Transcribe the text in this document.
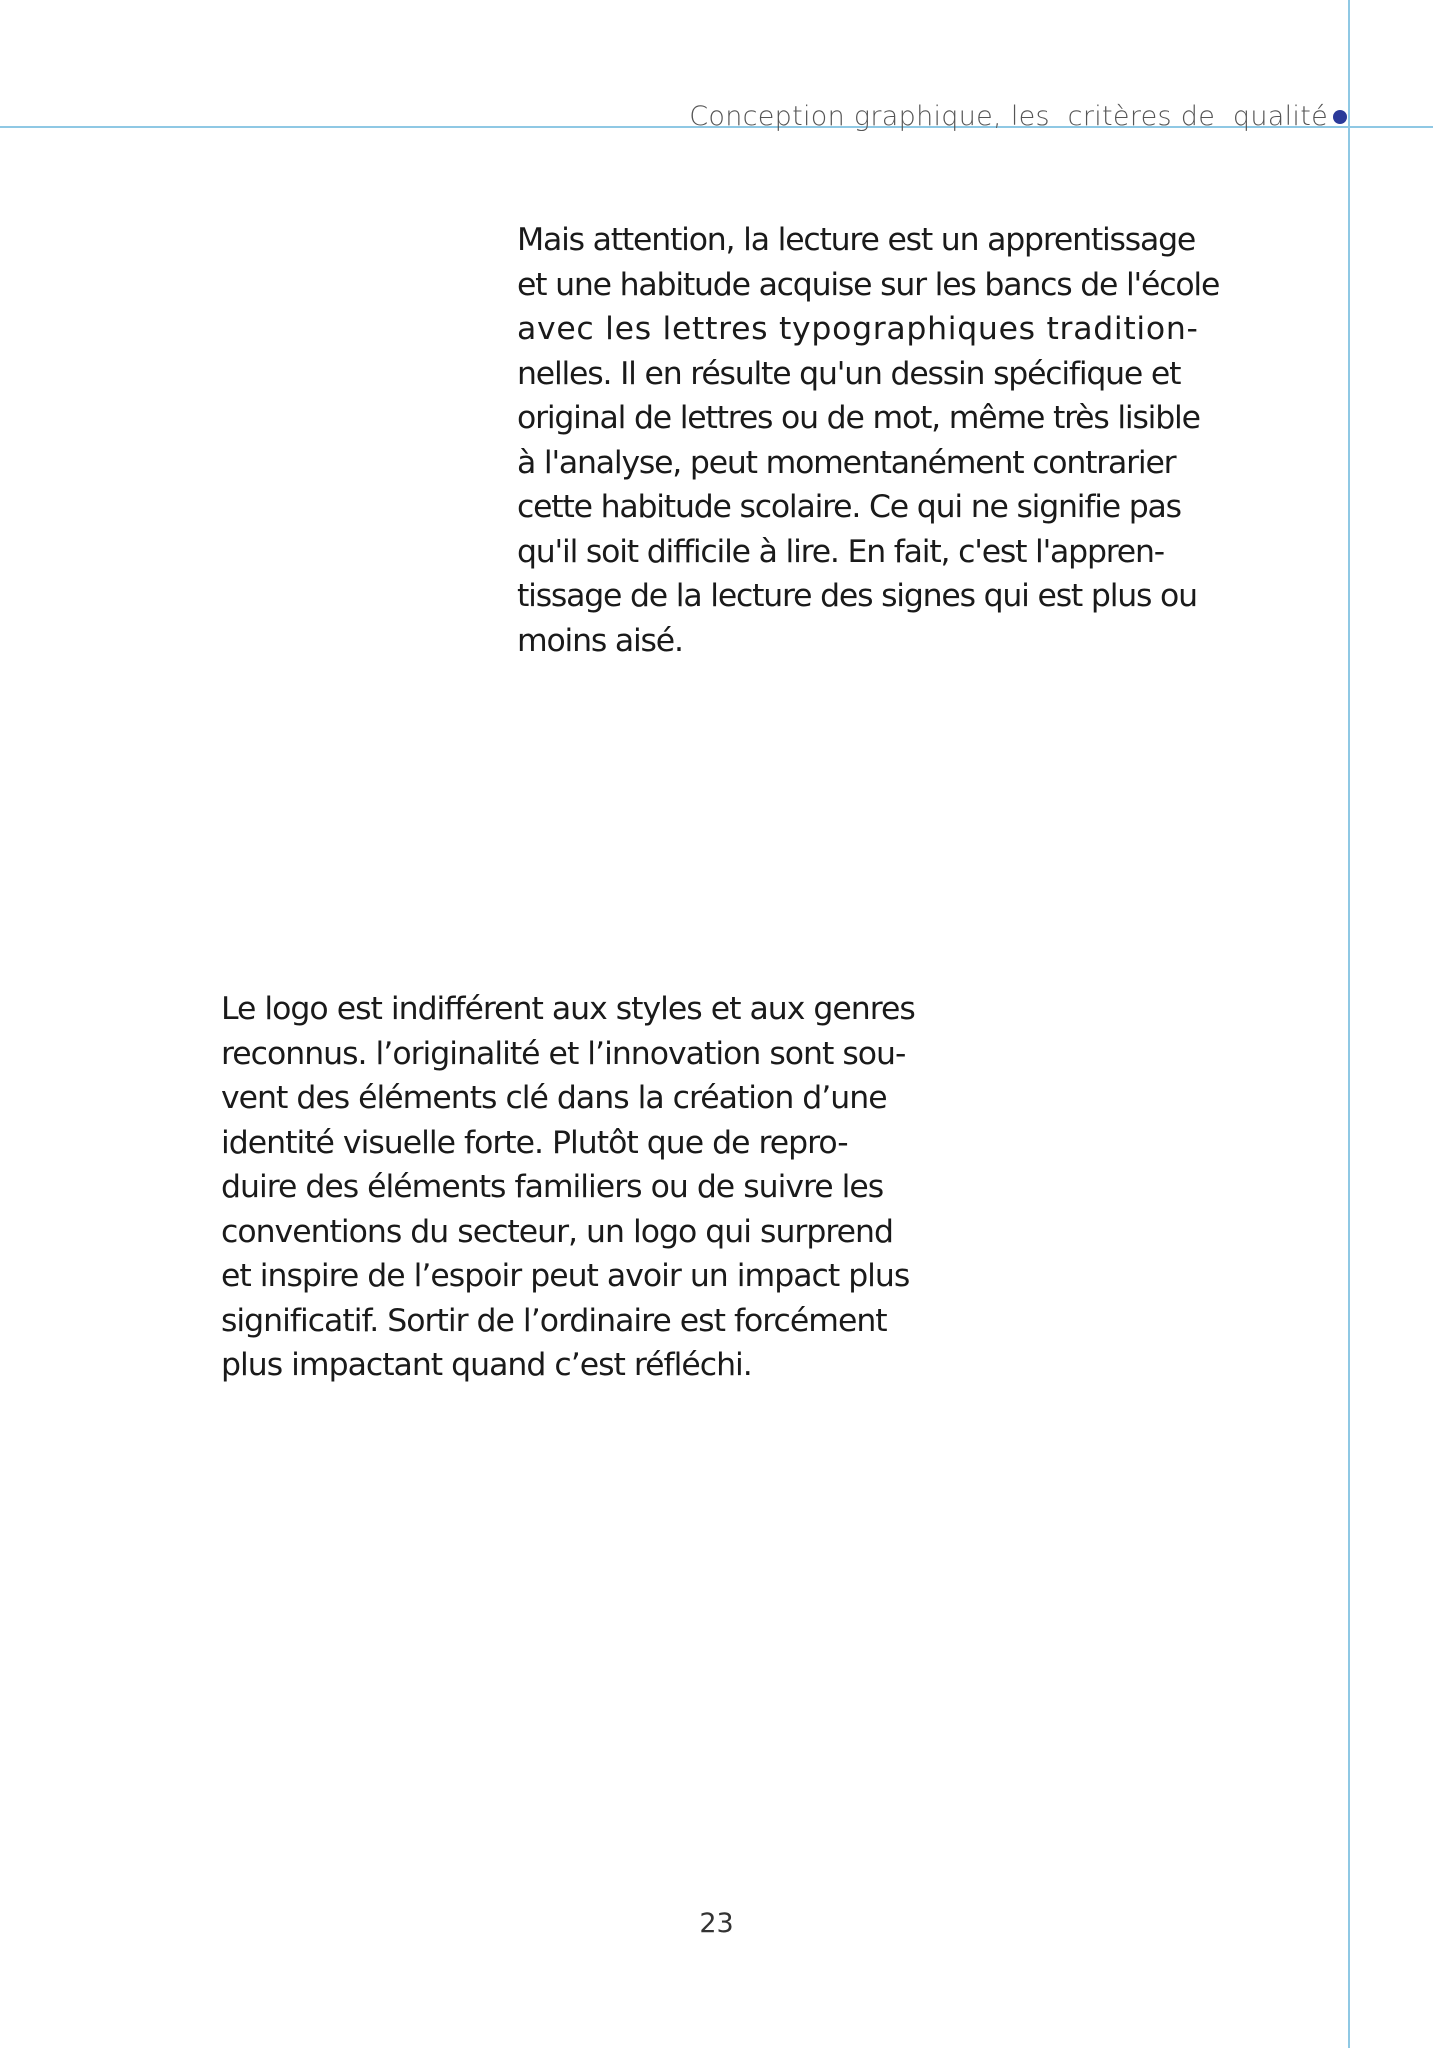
Conception graphique, les  critères de  qualité

Mais attention, la lecture est un apprentissage
et une habitude acquise sur les bancs de l'école
avec les lettres typographiques tradition-
nelles. Il en résulte qu'un dessin spécifique et
original de lettres ou de mot, même très lisible
à l'analyse, peut momentanément contrarier
cette habitude scolaire. Ce qui ne signifie pas
qu'il soit difficile à lire. En fait, c'est l'appren-
tissage de la lecture des signes qui est plus ou
moins aisé.

Le logo est indifférent aux styles et aux genres
reconnus. l’originalité et l’innovation sont sou-
vent des éléments clé dans la création d’une
identité visuelle forte. Plutôt que de repro-
duire des éléments familiers ou de suivre les
conventions du secteur, un logo qui surprend
et inspire de l’espoir peut avoir un impact plus
significatif. Sortir de l’ordinaire est forcément
plus impactant quand c’est réfléchi.

23
